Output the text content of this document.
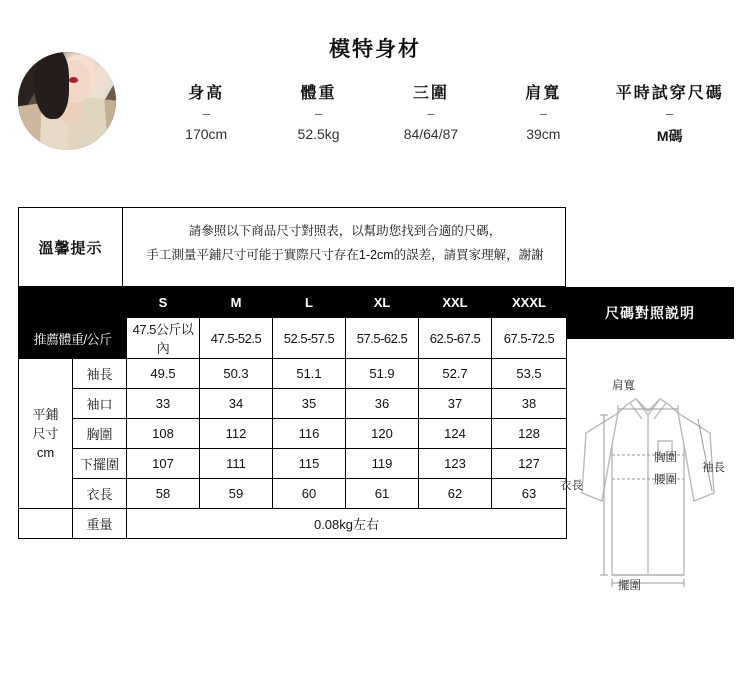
模特身材
身高
–
170cm
體重
–
52.5kg
三圍
–
84/64/87
肩寬
–
39cm
平時試穿尺碼
–
M碼
溫馨提示
請參照以下商品尺寸對照表，以幫助您找到合適的尺碼，
手工測量平鋪尺寸可能于實際尺寸存在1-2cm的誤差，請買家理解，謝謝
		S	M	L	XL	XXL	XXXL
推薦體重/公斤		47.5公斤以內	47.5-52.5	52.5-57.5	57.5-62.5	62.5-67.5	67.5-72.5

平鋪
尺寸
cm	袖長	49.5	50.3	51.1	51.9	52.7	53.5
	袖口	33	34	35	36	37	38
	胸圍	108	112	116	120	124	128
	下擺圍	107	111	115	119	123	127
	衣長	58	59	60	61	62	63
	重量	0.08kg左右					
尺碼對照説明
肩寬
胸圍
腰圍
袖長
衣長
擺圍
